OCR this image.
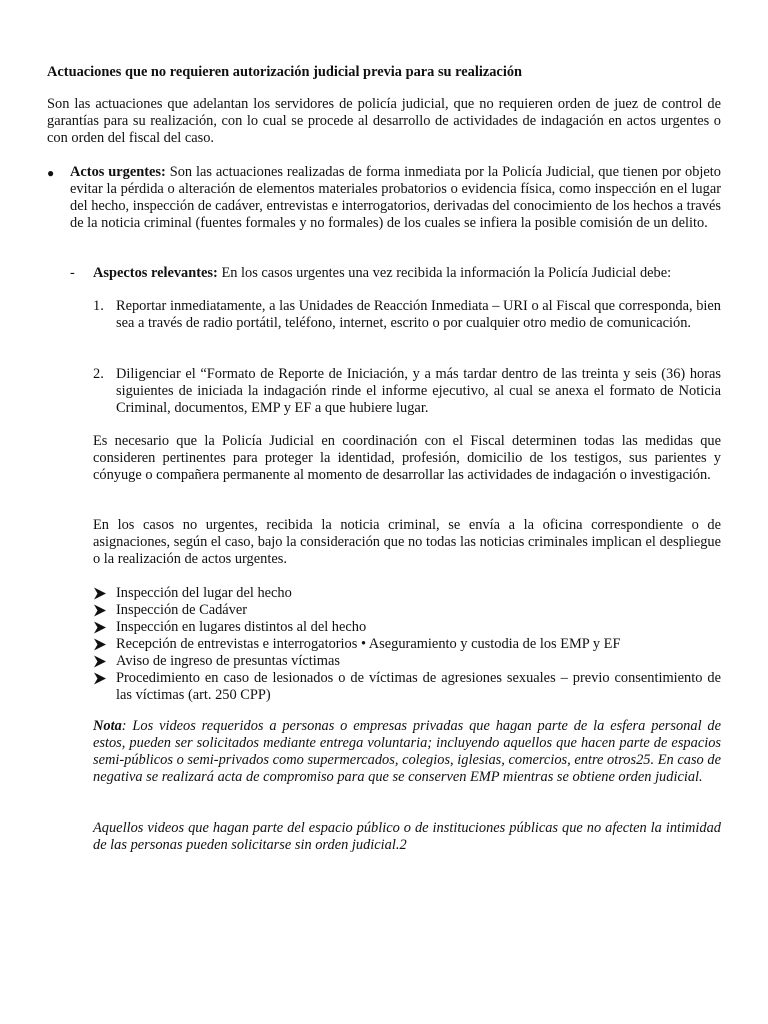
Actuaciones que no requieren autorización judicial previa para su realización

Son las actuaciones que adelantan los servidores de policía judicial, que no requieren orden de juez de control de garantías para su realización, con lo cual se procede al desarrollo de actividades de indagación en actos urgentes o con orden del fiscal del caso.

● Actos urgentes: Son las actuaciones realizadas de forma inmediata por la Policía Judicial, que tienen por objeto evitar la pérdida o alteración de elementos materiales probatorios o evidencia física, como inspección en el lugar del hecho, inspección de cadáver, entrevistas e interrogatorios, derivadas del conocimiento de los hechos a través de la noticia criminal (fuentes formales y no formales) de los cuales se infiera la posible comisión de un delito.

- Aspectos relevantes: En los casos urgentes una vez recibida la información la Policía Judicial debe:

1. Reportar inmediatamente, a las Unidades de Reacción Inmediata – URI o al Fiscal que corresponda, bien sea a través de radio portátil, teléfono, internet, escrito o por cualquier otro medio de comunicación.

2. Diligenciar el “Formato de Reporte de Iniciación, y a más tardar dentro de las treinta y seis (36) horas siguientes de iniciada la indagación rinde el informe ejecutivo, al cual se anexa el formato de Noticia Criminal, documentos, EMP y EF a que hubiere lugar.

Es necesario que la Policía Judicial en coordinación con el Fiscal determinen todas las medidas que consideren pertinentes para proteger la identidad, profesión, domicilio de los testigos, sus parientes y cónyuge o compañera permanente al momento de desarrollar las actividades de indagación o investigación.

En los casos no urgentes, recibida la noticia criminal, se envía a la oficina correspondiente o de asignaciones, según el caso, bajo la consideración que no todas las noticias criminales implican el despliegue o la realización de actos urgentes.

Inspección del lugar del hecho
Inspección de Cadáver
Inspección en lugares distintos al del hecho
Recepción de entrevistas e interrogatorios • Aseguramiento y custodia de los EMP y EF
Aviso de ingreso de presuntas víctimas
Procedimiento en caso de lesionados o de víctimas de agresiones sexuales – previo consentimiento de las víctimas (art. 250 CPP)

Nota: Los videos requeridos a personas o empresas privadas que hagan parte de la esfera personal de estos, pueden ser solicitados mediante entrega voluntaria; incluyendo aquellos que hacen parte de espacios semi-públicos o semi-privados como supermercados, colegios, iglesias, comercios, entre otros25. En caso de negativa se realizará acta de compromiso para que se conserven EMP mientras se obtiene orden judicial.

Aquellos videos que hagan parte del espacio público o de instituciones públicas que no afecten la intimidad de las personas pueden solicitarse sin orden judicial.2
